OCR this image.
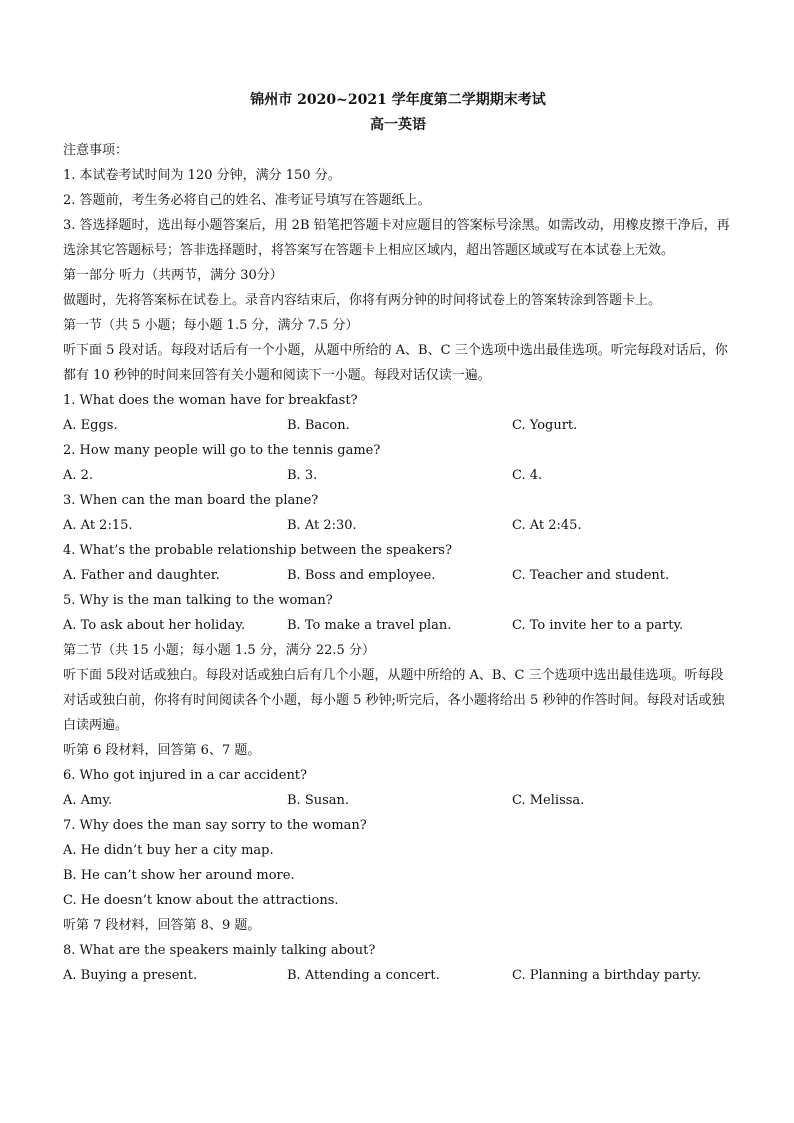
锦州市 2020~2021 学年度第二学期期末考试
高一英语

注意事项：

1. 本试卷考试时间为 120 分钟，满分 150 分。

2. 答题前，考生务必将自己的姓名、准考证号填写在答题纸上。

3. 答选择题时，选出每小题答案后，用 2B 铅笔把答题卡对应题目的答案标号涂黑。如需改动，用橡皮擦干净后，再选涂其它答题标号；答非选择题时，将答案写在答题卡上相应区域内，超出答题区域或写在本试卷上无效。

第一部分 听力（共两节，满分 30分）

做题时，先将答案标在试卷上。录音内容结束后，你将有两分钟的时间将试卷上的答案转涂到答题卡上。

第一节（共 5 小题；每小题 1.5 分，满分 7.5 分）

听下面 5 段对话。每段对话后有一个小题，从题中所给的 A、B、C 三个选项中选出最佳选项。听完每段对话后，你都有 10 秒钟的时间来回答有关小题和阅读下一小题。每段对话仅读一遍。

1. What does the woman have for breakfast?

A. Eggs.	B. Bacon.	C. Yogurt.

2. How many people will go to the tennis game?

A. 2.	B. 3.	C. 4.

3. When can the man board the plane?

A. At 2:15.	B. At 2:30.	C. At 2:45.

4. What’s the probable relationship between the speakers?

A. Father and daughter.	B. Boss and employee.	C. Teacher and student.

5. Why is the man talking to the woman?

A. To ask about her holiday.	B. To make a travel plan.	C. To invite her to a party.

第二节（共 15 小题；每小题 1.5 分，满分 22.5 分）

听下面 5段对话或独白。每段对话或独白后有几个小题，从题中所给的 A、B、C 三个选项中选出最佳选项。听每段对话或独白前，你将有时间阅读各个小题，每小题 5 秒钟;听完后，各小题将给出 5 秒钟的作答时间。每段对话或独白读两遍。

听第 6 段材料，回答第 6、7 题。

6. Who got injured in a car accident?

A. Amy.	B. Susan.	C. Melissa.

7. Why does the man say sorry to the woman?

A. He didn’t buy her a city map.

B. He can’t show her around more.

C. He doesn’t know about the attractions.

听第 7 段材料，回答第 8、9 题。

8. What are the speakers mainly talking about?

A. Buying a present.	B. Attending a concert.	C. Planning a birthday party.
